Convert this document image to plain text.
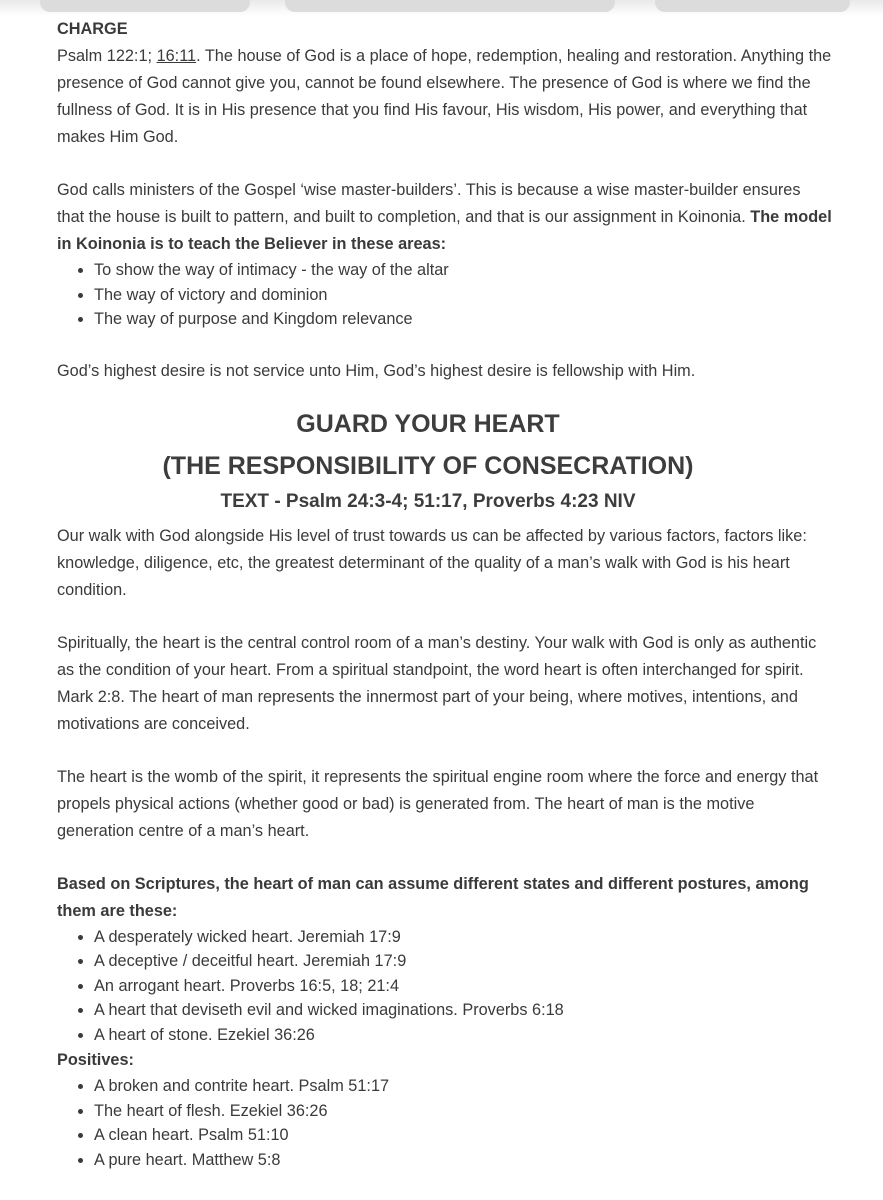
CHARGE

Psalm 122:1; 16:11. The house of God is a place of hope, redemption, healing and restoration. Anything the presence of God cannot give you, cannot be found elsewhere. The presence of God is where we find the fullness of God. It is in His presence that you find His favour, His wisdom, His power, and everything that makes Him God.

God calls ministers of the Gospel ‘wise master-builders’. This is because a wise master-builder ensures that the house is built to pattern, and built to completion, and that is our assignment in Koinonia. The model in Koinonia is to teach the Believer in these areas:

• To show the way of intimacy - the way of the altar
• The way of victory and dominion
• The way of purpose and Kingdom relevance

God’s highest desire is not service unto Him, God’s highest desire is fellowship with Him.

GUARD YOUR HEART
(THE RESPONSIBILITY OF CONSECRATION)
TEXT - Psalm 24:3-4; 51:17, Proverbs 4:23 NIV

Our walk with God alongside His level of trust towards us can be affected by various factors, factors like: knowledge, diligence, etc, the greatest determinant of the quality of a man’s walk with God is his heart condition.

Spiritually, the heart is the central control room of a man’s destiny. Your walk with God is only as authentic as the condition of your heart. From a spiritual standpoint, the word heart is often interchanged for spirit. Mark 2:8. The heart of man represents the innermost part of your being, where motives, intentions, and motivations are conceived.

The heart is the womb of the spirit, it represents the spiritual engine room where the force and energy that propels physical actions (whether good or bad) is generated from. The heart of man is the motive generation centre of a man’s heart.

Based on Scriptures, the heart of man can assume different states and different postures, among them are these:

• A desperately wicked heart. Jeremiah 17:9
• A deceptive / deceitful heart. Jeremiah 17:9
• An arrogant heart. Proverbs 16:5, 18; 21:4
• A heart that deviseth evil and wicked imaginations. Proverbs 6:18
• A heart of stone. Ezekiel 36:26

Positives:

• A broken and contrite heart. Psalm 51:17
• The heart of flesh. Ezekiel 36:26
• A clean heart. Psalm 51:10
• A pure heart. Matthew 5:8
